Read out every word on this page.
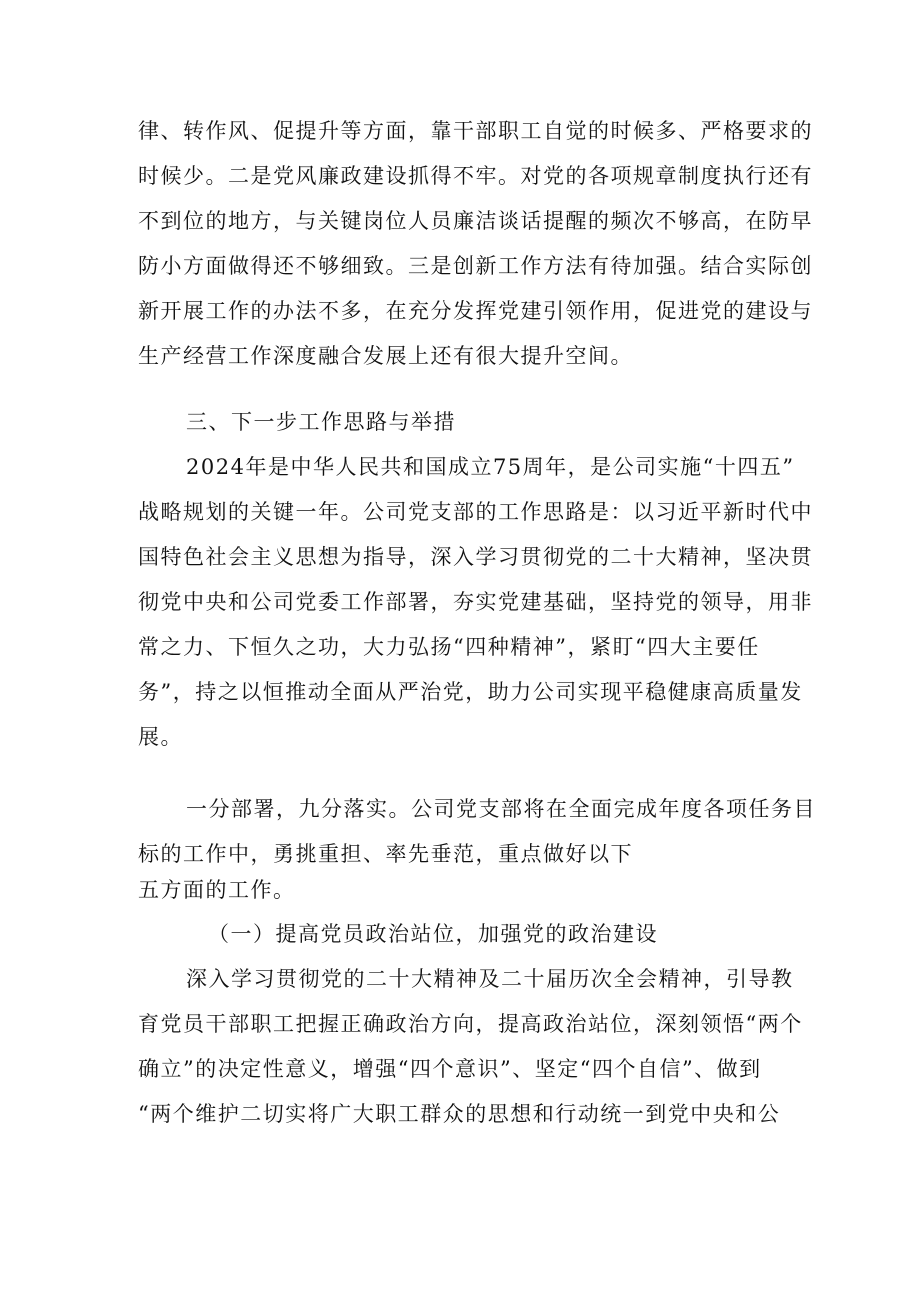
律、转作风、促提升等方面，靠干部职工自觉的时候多、严格要求的
时候少。二是党风廉政建设抓得不牢。对党的各项规章制度执行还有
不到位的地方，与关键岗位人员廉洁谈话提醒的频次不够高，在防早
防小方面做得还不够细致。三是创新工作方法有待加强。结合实际创
新开展工作的办法不多，在充分发挥党建引领作用，促进党的建设与
生产经营工作深度融合发展上还有很大提升空间。
三、下一步工作思路与举措
2024年是中华人民共和国成立75周年，是公司实施“十四五”
战略规划的关键一年。公司党支部的工作思路是：以习近平新时代中
国特色社会主义思想为指导，深入学习贯彻党的二十大精神，坚决贯
彻党中央和公司党委工作部署，夯实党建基础，坚持党的领导，用非
常之力、下恒久之功，大力弘扬“四种精神”，紧盯“四大主要任
务”，持之以恒推动全面从严治党，助力公司实现平稳健康高质量发
展。
一分部署，九分落实。公司党支部将在全面完成年度各项任务目
标的工作中，勇挑重担、率先垂范，重点做好以下
五方面的工作。
（一）提高党员政治站位，加强党的政治建设
深入学习贯彻党的二十大精神及二十届历次全会精神，引导教
育党员干部职工把握正确政治方向，提高政治站位，深刻领悟“两个
确立”的决定性意义，增强“四个意识”、坚定“四个自信”、做到
“两个维护二切实将广大职工群众的思想和行动统一到党中央和公
